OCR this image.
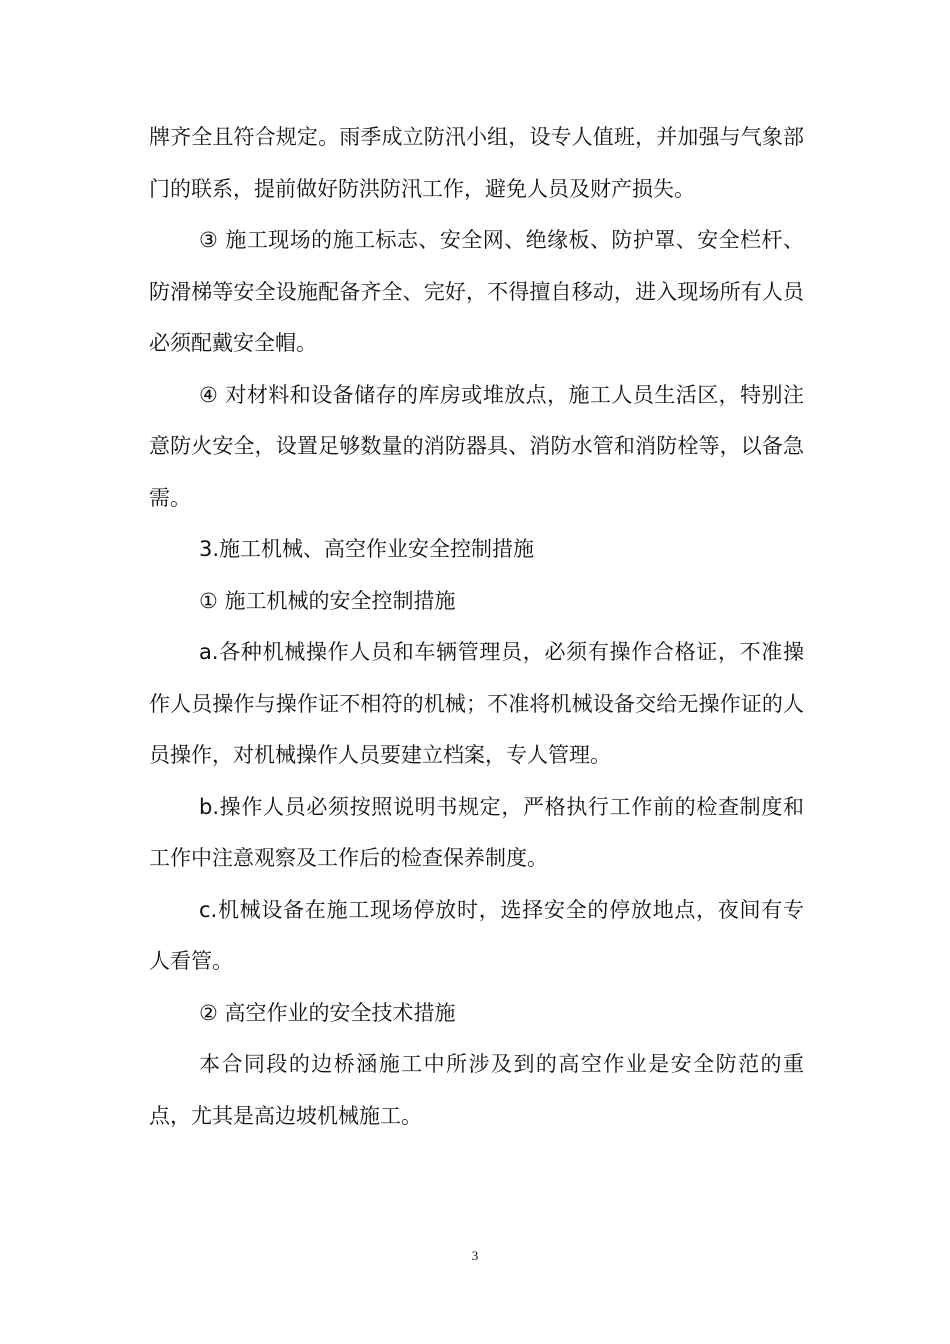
牌齐全且符合规定。雨季成立防汛小组，设专人值班，并加强与气象部门的联系，提前做好防洪防汛工作，避免人员及财产损失。

③ 施工现场的施工标志、安全网、绝缘板、防护罩、安全栏杆、防滑梯等安全设施配备齐全、完好，不得擅自移动，进入现场所有人员必须配戴安全帽。

④ 对材料和设备储存的库房或堆放点，施工人员生活区，特别注意防火安全，设置足够数量的消防器具、消防水管和消防栓等，以备急需。

3.施工机械、高空作业安全控制措施

① 施工机械的安全控制措施

a.各种机械操作人员和车辆管理员，必须有操作合格证，不准操作人员操作与操作证不相符的机械；不准将机械设备交给无操作证的人员操作，对机械操作人员要建立档案，专人管理。

b.操作人员必须按照说明书规定，严格执行工作前的检查制度和工作中注意观察及工作后的检查保养制度。

c.机械设备在施工现场停放时，选择安全的停放地点，夜间有专人看管。

② 高空作业的安全技术措施

本合同段的边桥涵施工中所涉及到的高空作业是安全防范的重点，尤其是高边坡机械施工。

3
